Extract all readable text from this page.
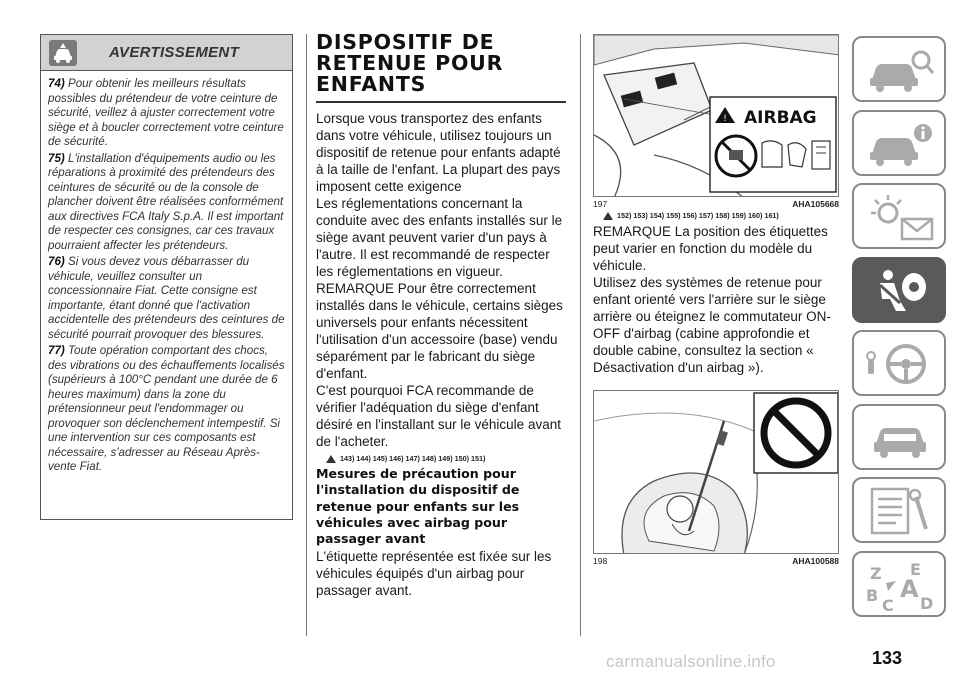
AVERTISSEMENT

74) Pour obtenir les meilleurs résultats possibles du prétendeur de votre ceinture de sécurité, veillez à ajuster correctement votre siège et à boucler correctement votre ceinture de sécurité.

75) L'installation d'équipements audio ou les réparations à proximité des prétendeurs des ceintures de sécurité ou de la console de plancher doivent être réalisées conformément aux directives FCA Italy S.p.A. Il est important de respecter ces consignes, car ces travaux pourraient affecter les prétendeurs.

76) Si vous devez vous débarrasser du véhicule, veuillez consulter un concessionnaire Fiat. Cette consigne est importante, étant donné que l'activation accidentelle des prétendeurs des ceintures de sécurité pourrait provoquer des blessures.

77) Toute opération comportant des chocs, des vibrations ou des échauffements localisés (supérieurs à 100°C pendant une durée de 6 heures maximum) dans la zone du prétensionneur peut l'endommager ou provoquer son déclenchement intempestif. Si une intervention sur ces composants est nécessaire, s'adresser au Réseau Après-vente Fiat.

DISPOSITIF DE RETENUE POUR ENFANTS

Lorsque vous transportez des enfants dans votre véhicule, utilisez toujours un dispositif de retenue pour enfants adapté à la taille de l'enfant. La plupart des pays imposent cette exigence

Les réglementations concernant la conduite avec des enfants installés sur le siège avant peuvent varier d'un pays à l'autre. Il est recommandé de respecter les réglementations en vigueur.

REMARQUE Pour être correctement installés dans le véhicule, certains sièges universels pour enfants nécessitent l'utilisation d'un accessoire (base) vendu séparément par le fabricant du siège d'enfant.

C'est pourquoi FCA recommande de vérifier l'adéquation du siège d'enfant désiré en l'installant sur le véhicule avant de l'acheter.

143) 144) 145) 146) 147) 148) 149) 150) 151)
Mesures de précaution pour l'installation du dispositif de retenue pour enfants sur les véhicules avec airbag pour passager avant

L'étiquette représentée est fixée sur les véhicules équipés d'un airbag pour passager avant.

! AIRBAG
197	AHA105668
152) 153) 154) 155) 156) 157) 158) 159) 160) 161)

REMARQUE La position des étiquettes peut varier en fonction du modèle du véhicule.

Utilisez des systèmes de retenue pour enfant orienté vers l'arrière sur le siège arrière ou éteignez le commutateur ON-OFF d'airbag (cabine approfondie et double cabine, consultez la section « Désactivation d'un airbag »).

198	AHA100588
Z E
B A
C D
carmanualsonline.info	133
